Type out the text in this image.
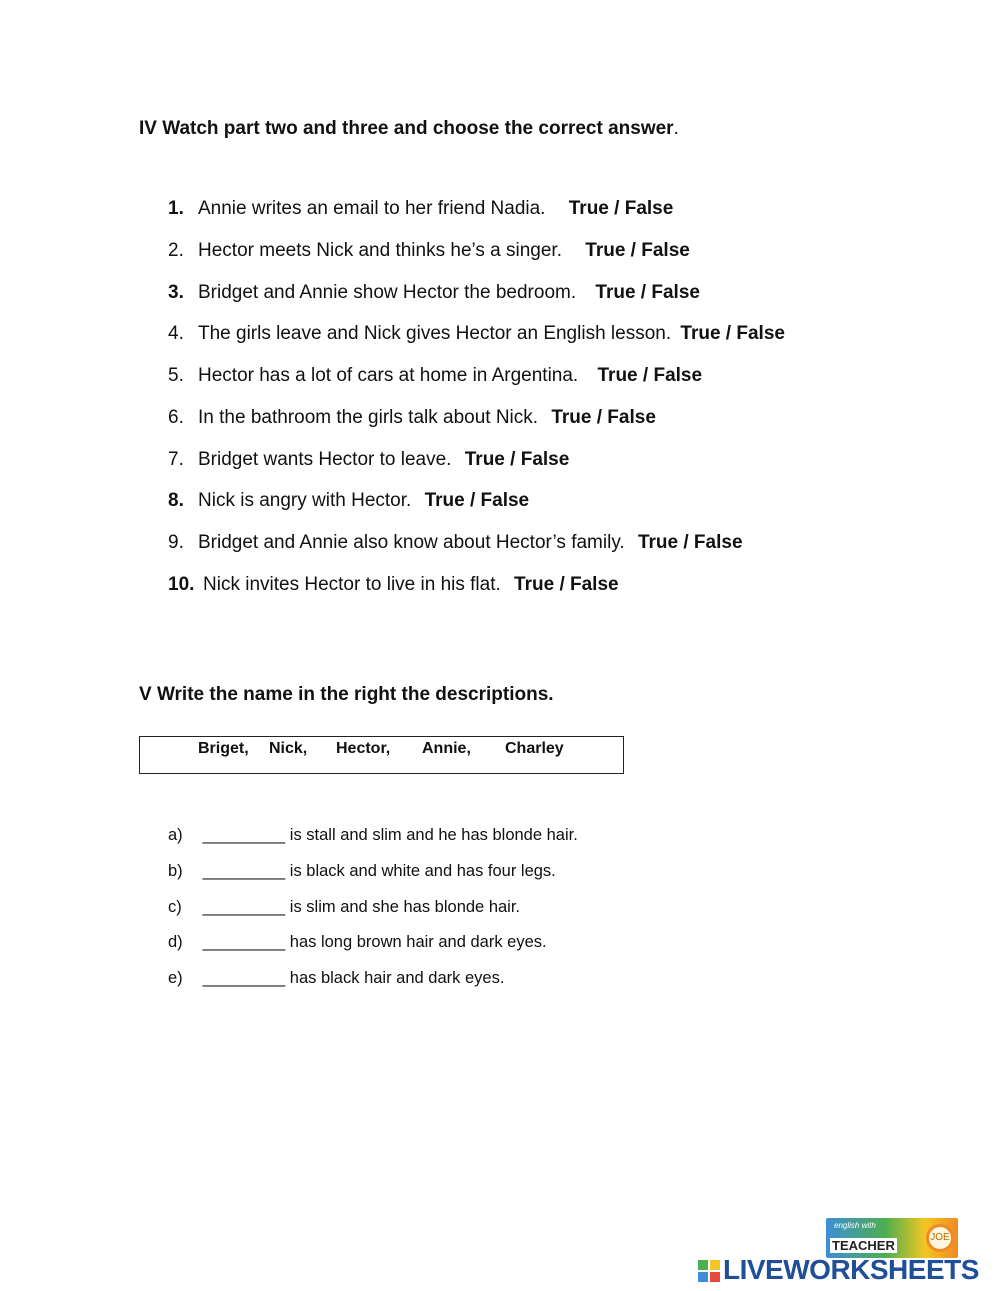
IV Watch part two and three and choose the correct answer.
1. Annie writes an email to her friend Nadia. True / False
2. Hector meets Nick and thinks he’s a singer. True / False
3. Bridget and Annie show Hector the bedroom. True / False
4. The girls leave and Nick gives Hector an English lesson. True / False
5. Hector has a lot of cars at home in Argentina. True / False
6. In the bathroom the girls talk about Nick. True / False
7. Bridget wants Hector to leave. True / False
8. Nick is angry with Hector. True / False
9. Bridget and Annie also know about Hector’s family. True / False
10. Nick invites Hector to live in his flat. True / False
V Write the name in the right the descriptions.
Briget, Nick, Hector, Annie, Charley
a) _________ is stall and slim and he has blonde hair.
b) _________ is black and white and has four legs.
c) _________ is slim and she has blonde hair.
d) _________ has long brown hair and dark eyes.
e) _________ has black hair and dark eyes.
english with
TEACHER
JOE
LIVEWORKSHEETS
